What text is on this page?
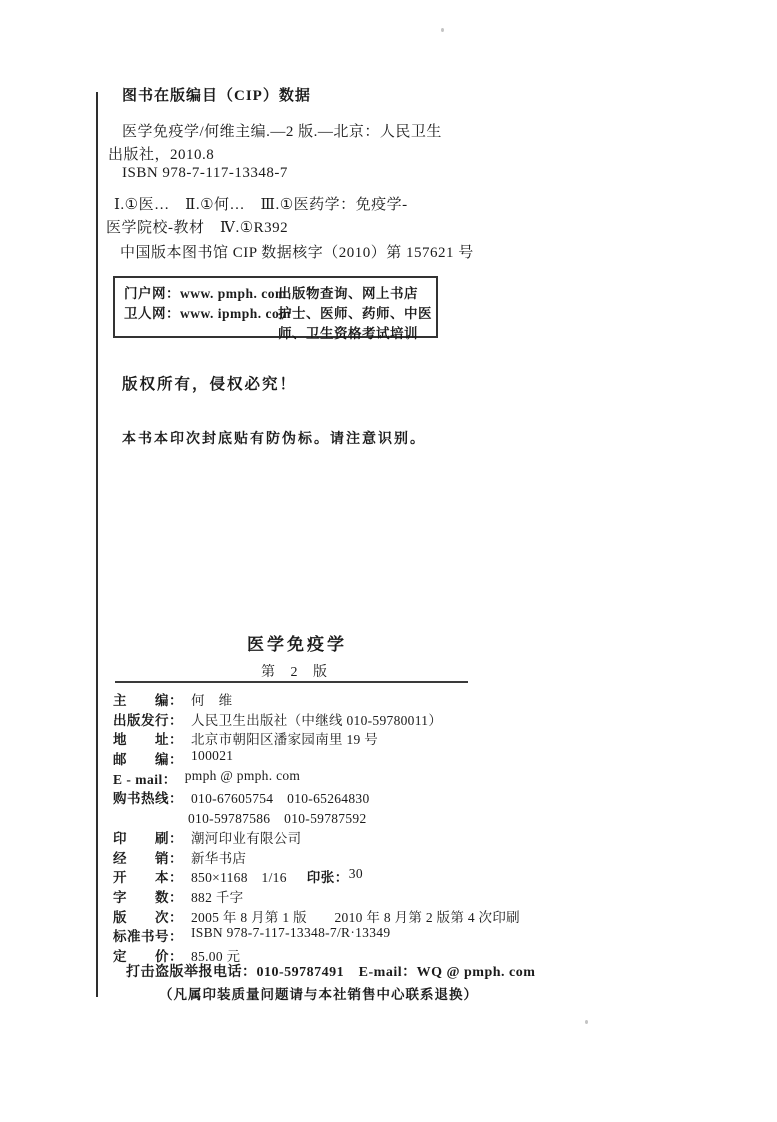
图书在版编目（CIP）数据
医学免疫学/何维主编.—2 版.—北京：人民卫生
出版社，2010.8
ISBN 978-7-117-13348-7
Ⅰ.①医…　Ⅱ.①何…　Ⅲ.①医药学：免疫学-
医学院校-教材　Ⅳ.①R392
中国版本图书馆 CIP 数据核字（2010）第 157621 号
门户网：www. pmph. com
出版物查询、网上书店
卫人网：www. ipmph. com
护士、医师、药师、中医
师、卫生资格考试培训
版权所有，侵权必究！
本书本印次封底贴有防伪标。请注意识别。
医学免疫学
第 2 版
主　　编： 何　维
出版发行： 人民卫生出版社（中继线 010-59780011）
地　　址： 北京市朝阳区潘家园南里 19 号
邮　　编： 100021
E - mail： pmph @ pmph. com
购书热线： 010-67605754　010-65264830
010-59787586　010-59787592
印　　刷： 潮河印业有限公司
经　　销： 新华书店
开　　本： 850×1168　1/16 印张： 30
字　　数： 882 千字
版　　次： 2005 年 8 月第 1 版　　2010 年 8 月第 2 版第 4 次印刷
标准书号： ISBN 978-7-117-13348-7/R·13349
定　　价： 85.00 元
打击盗版举报电话：010-59787491　E-mail：WQ @ pmph. com
（凡属印装质量问题请与本社销售中心联系退换）
